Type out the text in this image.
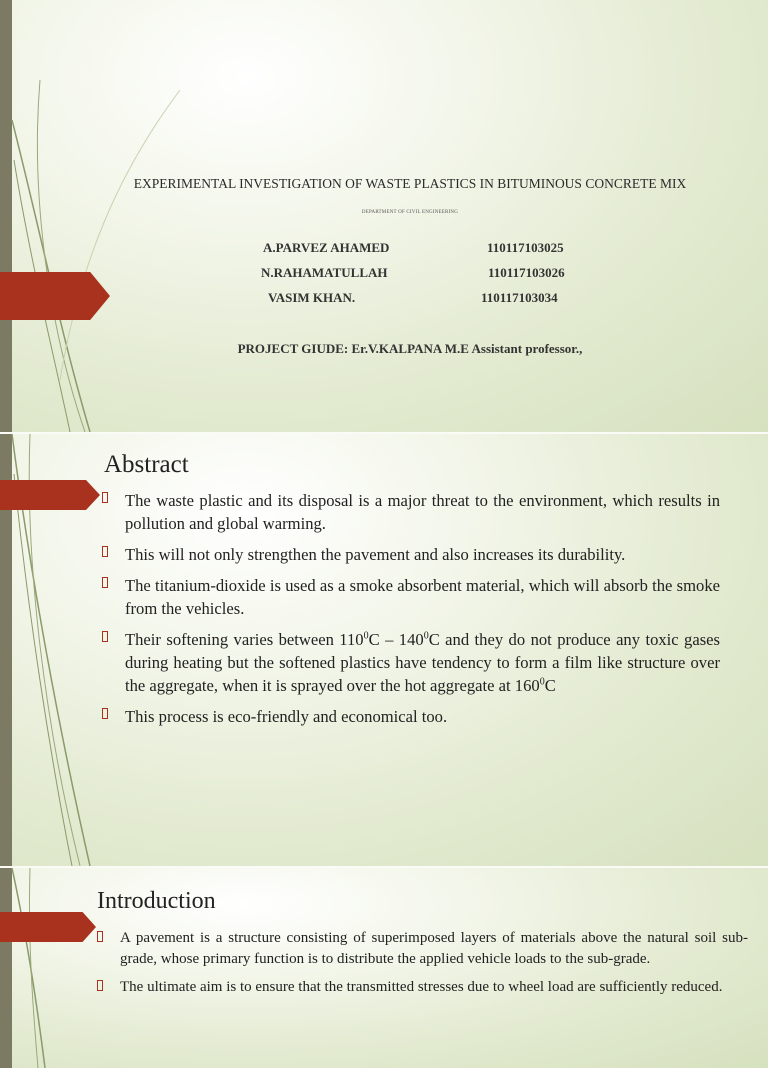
EXPERIMENTAL INVESTIGATION OF WASTE PLASTICS IN BITUMINOUS CONCRETE MIX
DEPARTMENT OF CIVIL ENGINEERING
A.PARVEZ AHAMED	110117103025
N.RAHAMATULLAH	110117103026
VASIM KHAN.	110117103034
PROJECT GIUDE: Er.V.KALPANA M.E Assistant professor.,
Abstract
The waste plastic and its disposal is a major threat to the environment, which results in pollution and global warming.
This will not only strengthen the pavement and also increases its durability.
The titanium-dioxide is used as a smoke absorbent material, which will absorb the smoke from the vehicles.
Their softening varies between $110^0C - 140^0C$ and they do not produce any toxic gases during heating but the softened plastics have tendency to form a film like structure over the aggregate, when it is sprayed over the hot aggregate at $160^0C$
This process is eco-friendly and economical too.
Introduction
A pavement is a structure consisting of superimposed layers of materials above the natural soil sub-grade, whose primary function is to distribute the applied vehicle loads to the sub-grade.
The ultimate aim is to ensure that the transmitted stresses due to wheel load are sufficiently reduced.
